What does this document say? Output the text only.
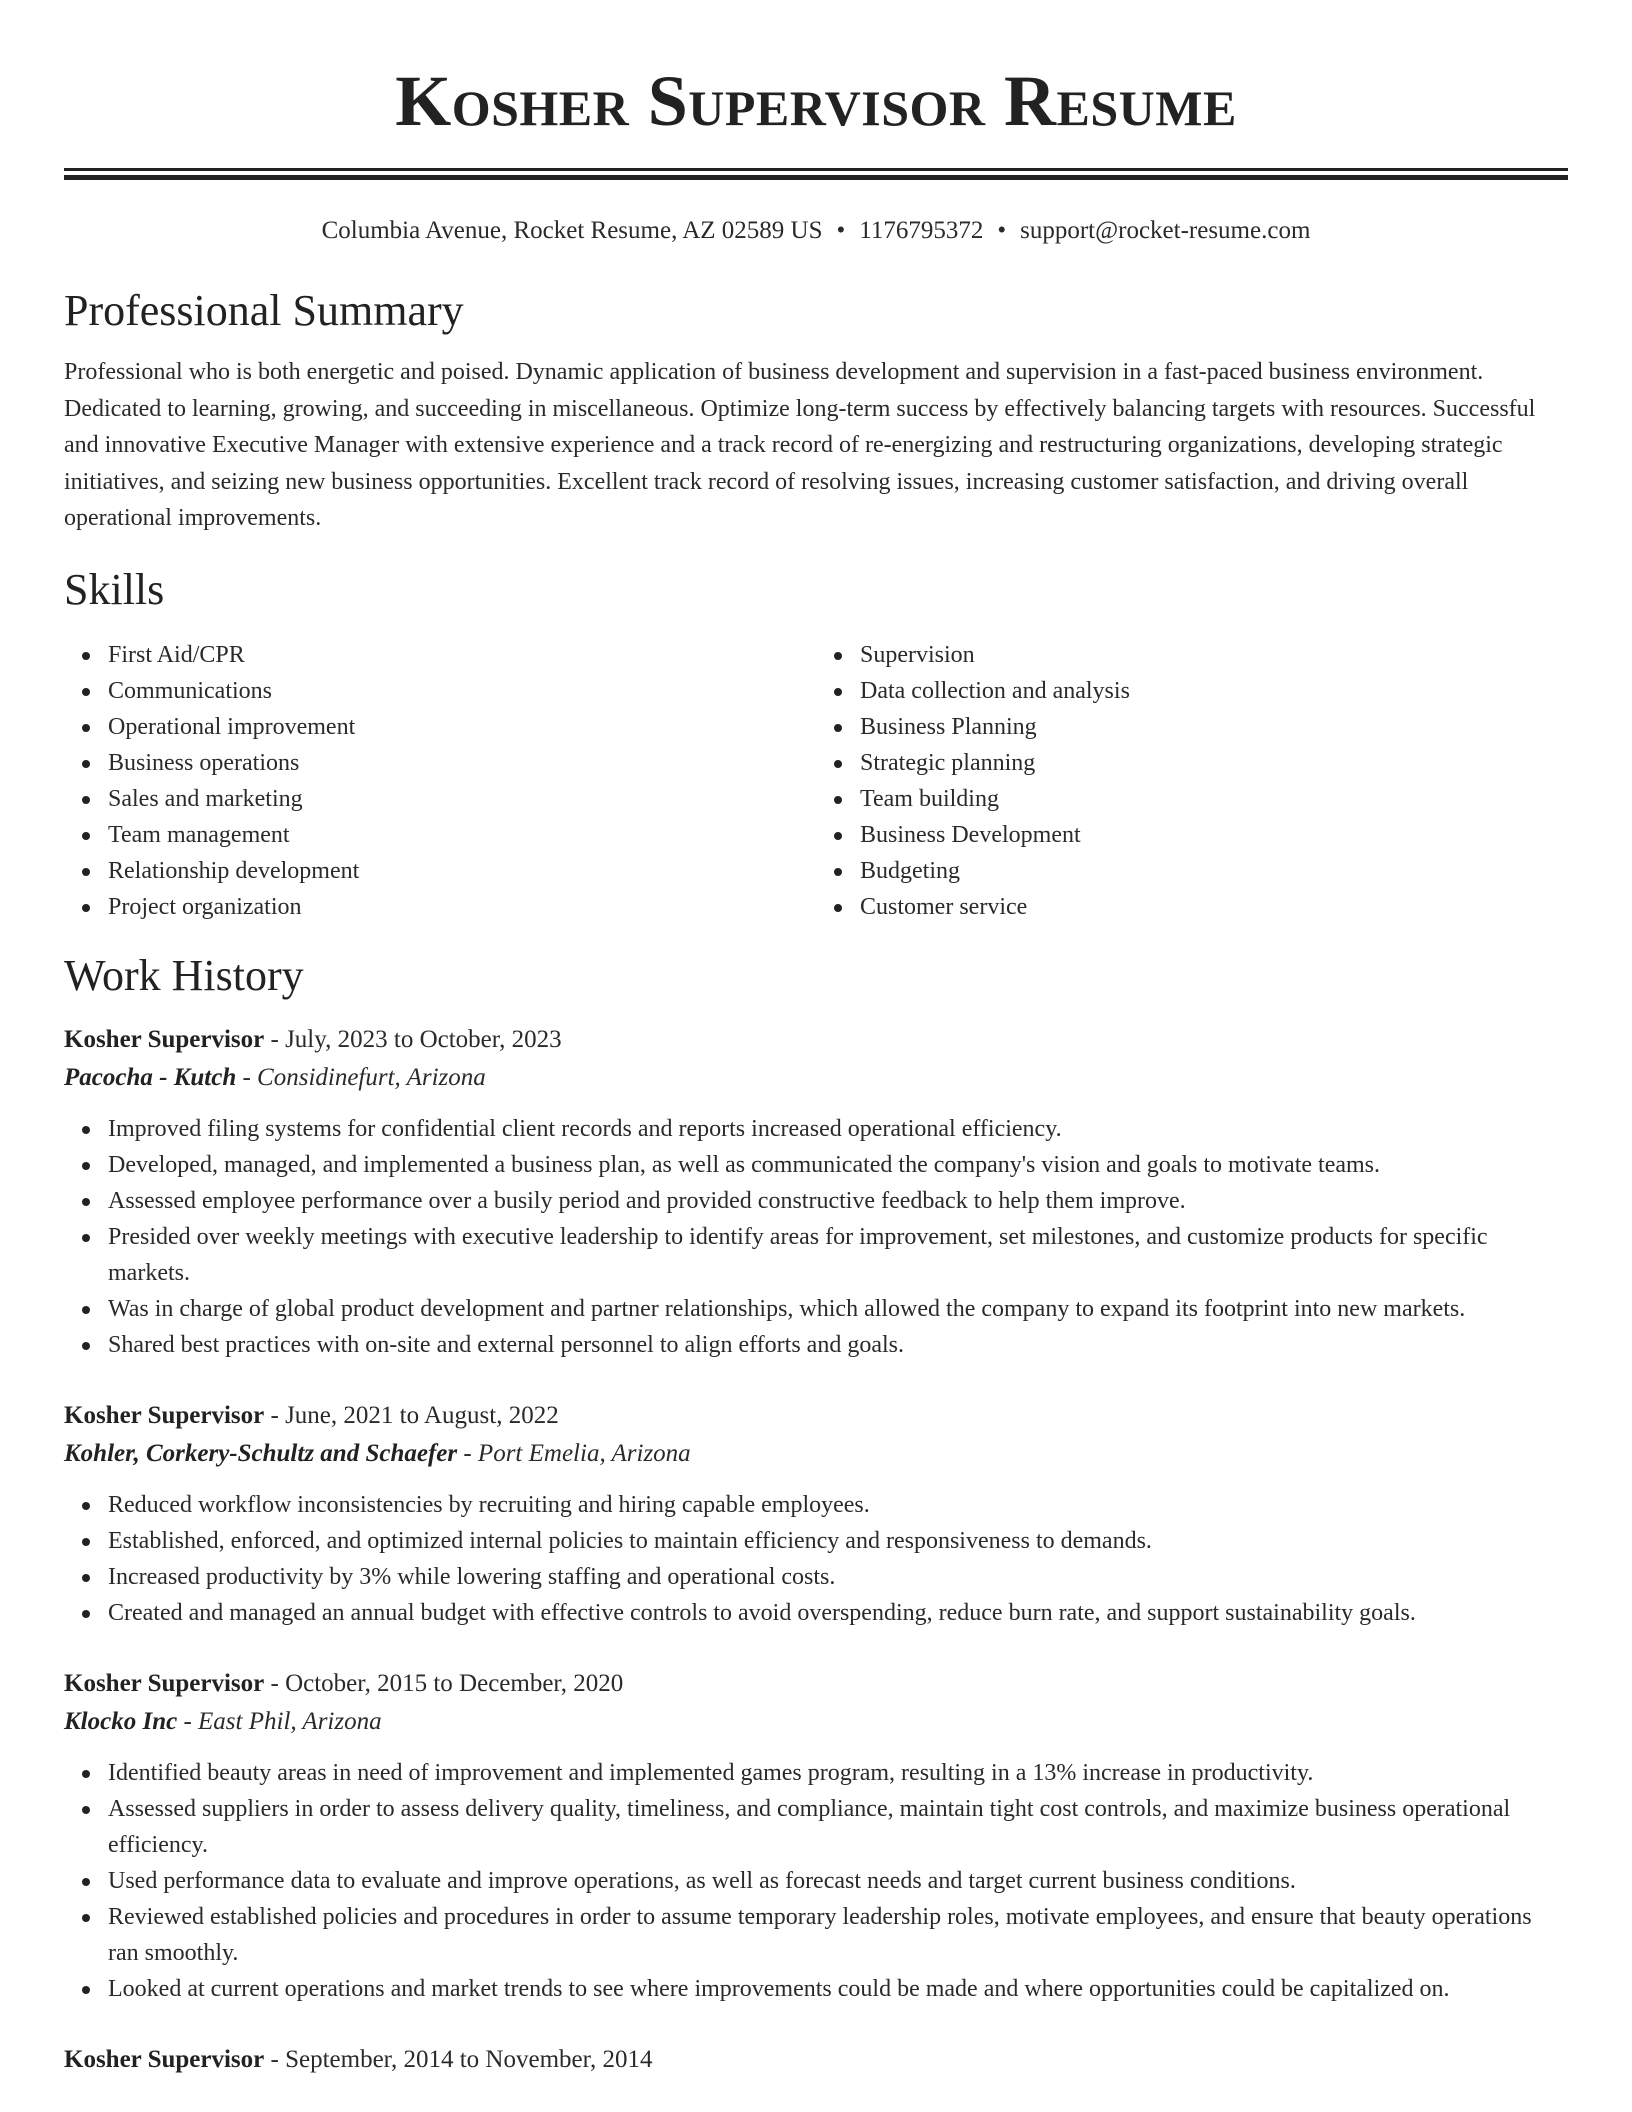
Kosher Supervisor Resume
Columbia Avenue, Rocket Resume, AZ 02589 US • 1176795372 • support@rocket-resume.com
Professional Summary

Professional who is both energetic and poised. Dynamic application of business development and supervision in a fast-paced business environment. Dedicated to learning, growing, and succeeding in miscellaneous. Optimize long-term success by effectively balancing targets with resources. Successful and innovative Executive Manager with extensive experience and a track record of re-energizing and restructuring organizations, developing strategic initiatives, and seizing new business opportunities. Excellent track record of resolving issues, increasing customer satisfaction, and driving overall operational improvements.

Skills
First Aid/CPR
Communications
Operational improvement
Business operations
Sales and marketing
Team management
Relationship development
Project organization
Supervision
Data collection and analysis
Business Planning
Strategic planning
Team building
Business Development
Budgeting
Customer service
Work History
Kosher Supervisor - July, 2023 to October, 2023
Pacocha - Kutch - Considinefurt, Arizona
Improved filing systems for confidential client records and reports increased operational efficiency.
Developed, managed, and implemented a business plan, as well as communicated the company's vision and goals to motivate teams.
Assessed employee performance over a busily period and provided constructive feedback to help them improve.
Presided over weekly meetings with executive leadership to identify areas for improvement, set milestones, and customize products for specific markets.
Was in charge of global product development and partner relationships, which allowed the company to expand its footprint into new markets.
Shared best practices with on-site and external personnel to align efforts and goals.
Kosher Supervisor - June, 2021 to August, 2022
Kohler, Corkery-Schultz and Schaefer - Port Emelia, Arizona
Reduced workflow inconsistencies by recruiting and hiring capable employees.
Established, enforced, and optimized internal policies to maintain efficiency and responsiveness to demands.
Increased productivity by 3% while lowering staffing and operational costs.
Created and managed an annual budget with effective controls to avoid overspending, reduce burn rate, and support sustainability goals.
Kosher Supervisor - October, 2015 to December, 2020
Klocko Inc - East Phil, Arizona
Identified beauty areas in need of improvement and implemented games program, resulting in a 13% increase in productivity.
Assessed suppliers in order to assess delivery quality, timeliness, and compliance, maintain tight cost controls, and maximize business operational efficiency.
Used performance data to evaluate and improve operations, as well as forecast needs and target current business conditions.
Reviewed established policies and procedures in order to assume temporary leadership roles, motivate employees, and ensure that beauty operations ran smoothly.
Looked at current operations and market trends to see where improvements could be made and where opportunities could be capitalized on.
Kosher Supervisor - September, 2014 to November, 2014
